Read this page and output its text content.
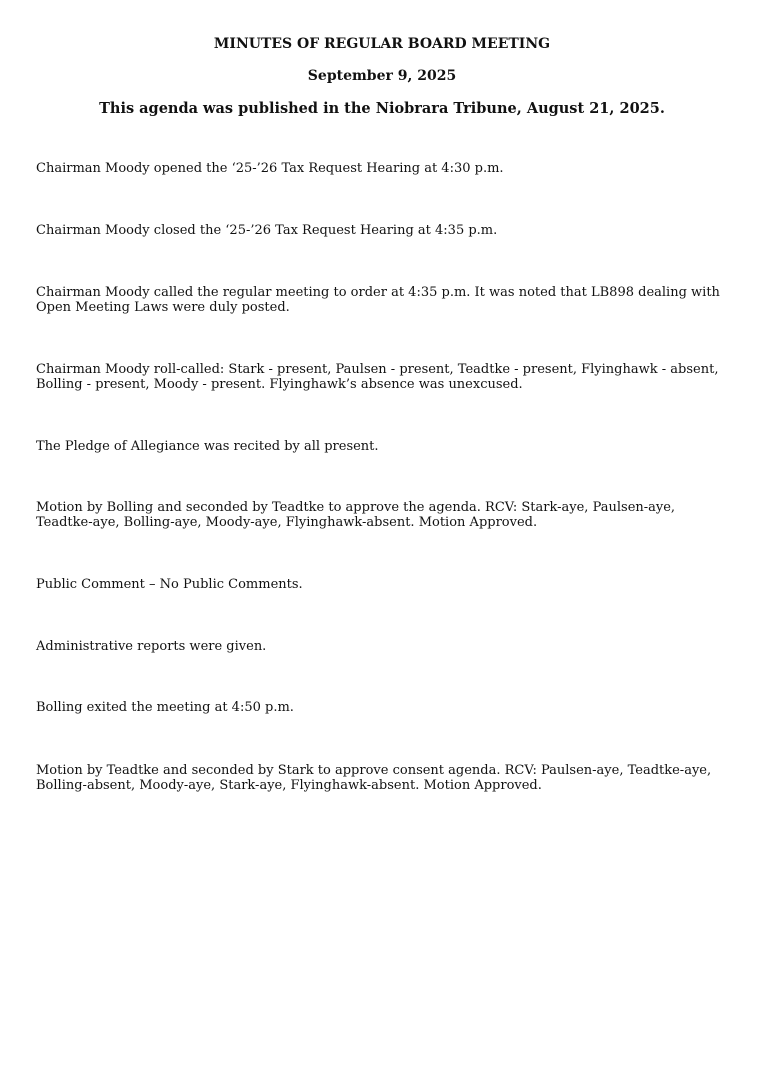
MINUTES OF REGULAR BOARD MEETING
September 9, 2025
This agenda was published in the Niobrara Tribune, August 21, 2025.

Chairman Moody opened the ‘25-’26 Tax Request Hearing at 4:30 p.m.

Chairman Moody closed the ‘25-’26 Tax Request Hearing at 4:35 p.m.

Chairman Moody called the regular meeting to order at 4:35 p.m. It was noted that LB898 dealing with Open Meeting Laws were duly posted.

Chairman Moody roll-called: Stark - present, Paulsen - present, Teadtke - present, Flyinghawk - absent, Bolling - present, Moody - present. Flyinghawk’s absence was unexcused.

The Pledge of Allegiance was recited by all present.

Motion by Bolling and seconded by Teadtke to approve the agenda. RCV: Stark-aye, Paulsen-aye, Teadtke-aye, Bolling-aye, Moody-aye, Flyinghawk-absent. Motion Approved.

Public Comment – No Public Comments.

Administrative reports were given.

Bolling exited the meeting at 4:50 p.m.

Motion by Teadtke and seconded by Stark to approve consent agenda. RCV: Paulsen-aye, Teadtke-aye, Bolling-absent, Moody-aye, Stark-aye, Flyinghawk-absent. Motion Approved.
